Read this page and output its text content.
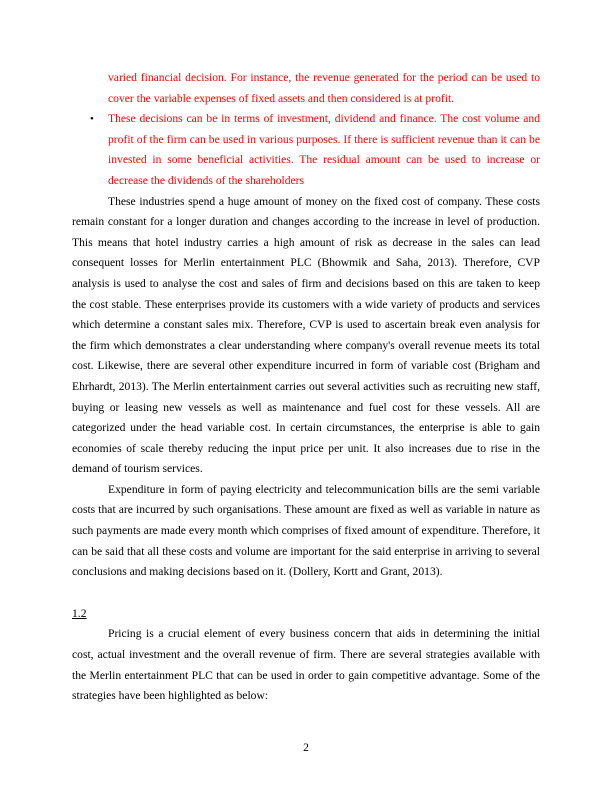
varied financial decision. For instance, the revenue generated for the period can be used to cover the variable expenses of fixed assets and then considered is at profit.

• These decisions can be in terms of investment, dividend and finance. The cost volume and profit of the firm can be used in various purposes. If there is sufficient revenue than it can be invested in some beneficial activities. The residual amount can be used to increase or decrease the dividends of the shareholders

These industries spend a huge amount of money on the fixed cost of company. These costs remain constant for a longer duration and changes according to the increase in level of production. This means that hotel industry carries a high amount of risk as decrease in the sales can lead consequent losses for Merlin entertainment PLC (Bhowmik and Saha, 2013). Therefore, CVP analysis is used to analyse the cost and sales of firm and decisions based on this are taken to keep the cost stable. These enterprises provide its customers with a wide variety of products and services which determine a constant sales mix. Therefore, CVP is used to ascertain break even analysis for the firm which demonstrates a clear understanding where company's overall revenue meets its total cost. Likewise, there are several other expenditure incurred in form of variable cost (Brigham and Ehrhardt, 2013). The Merlin entertainment carries out several activities such as recruiting new staff, buying or leasing new vessels as well as maintenance and fuel cost for these vessels. All are categorized under the head variable cost. In certain circumstances, the enterprise is able to gain economies of scale thereby reducing the input price per unit. It also increases due to rise in the demand of tourism services.

Expenditure in form of paying electricity and telecommunication bills are the semi variable costs that are incurred by such organisations. These amount are fixed as well as variable in nature as such payments are made every month which comprises of fixed amount of expenditure. Therefore, it can be said that all these costs and volume are important for the said enterprise in arriving to several conclusions and making decisions based on it. (Dollery, Kortt and Grant, 2013).

1.2

Pricing is a crucial element of every business concern that aids in determining the initial cost, actual investment and the overall revenue of firm. There are several strategies available with the Merlin entertainment PLC that can be used in order to gain competitive advantage. Some of the strategies have been highlighted as below:

2
